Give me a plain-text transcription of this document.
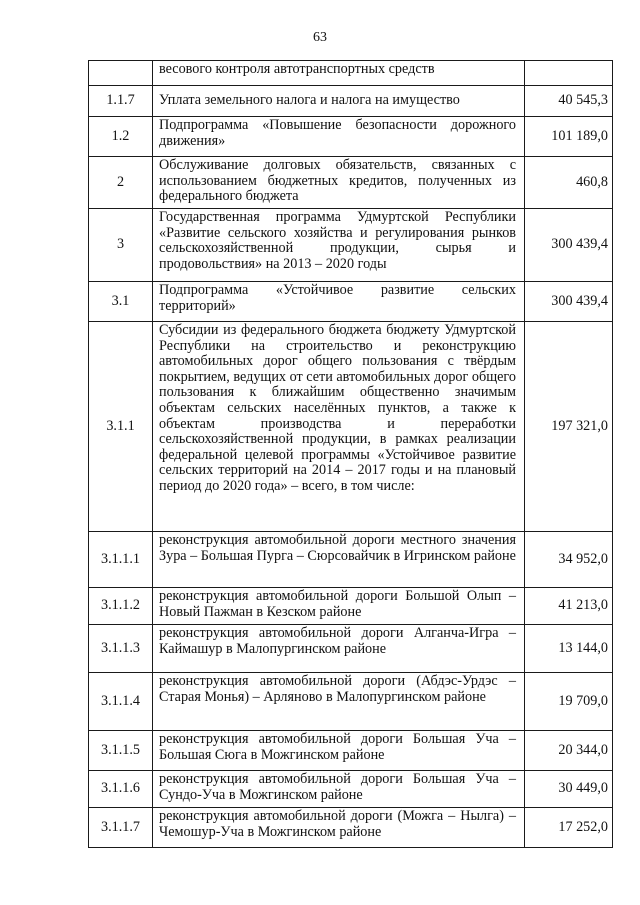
63

	весового контроля автотранспортных средств	

1.1.7	Уплата земельного налога и налога на имущество	40 545,3
1.2	Подпрограмма «Повышение безопасности дорожного движения»	101 189,0
2	Обслуживание долговых обязательств, связанных с использованием бюджетных кредитов, полученных из федерального бюджета	460,8
3	Государственная программа Удмуртской Республики «Развитие сельского хозяйства и регулирования рынков сельскохозяйственной продукции, сырья и продовольствия» на 2013 – 2020 годы	300 439,4
3.1	Подпрограмма «Устойчивое развитие сельских территорий»	300 439,4
3.1.1	Субсидии из федерального бюджета бюджету Удмуртской Республики на строительство и реконструкцию автомобильных дорог общего пользования с твёрдым покрытием, ведущих от сети автомобильных дорог общего пользования к ближайшим общественно значимым объектам сельских населённых пунктов, а также к объектам производства и переработки сельскохозяйственной продукции, в рамках реализации федеральной целевой программы «Устойчивое развитие сельских территорий на 2014 – 2017 годы и на плановый период до 2020 года» – всего, в том числе:	197 321,0
3.1.1.1	реконструкция автомобильной дороги местного значения Зура – Большая Пурга – Сюрсовайчик в Игринском районе	34 952,0
3.1.1.2	реконструкция автомобильной дороги Большой Олып – Новый Пажман в Кезском районе	41 213,0
3.1.1.3	реконструкция автомобильной дороги Алганча-Игра – Каймашур в Малопургинском районе	13 144,0
3.1.1.4	реконструкция автомобильной дороги (Абдэс-Урдэс – Старая Монья) – Арляново в Малопургинском районе	19 709,0
3.1.1.5	реконструкция автомобильной дороги Большая Уча – Большая Сюга в Можгинском районе	20 344,0
3.1.1.6	реконструкция автомобильной дороги Большая Уча – Сундо-Уча в Можгинском районе	30 449,0
3.1.1.7	реконструкция автомобильной дороги (Можга – Нылга) – Чемошур-Уча в Можгинском районе	17 252,0
